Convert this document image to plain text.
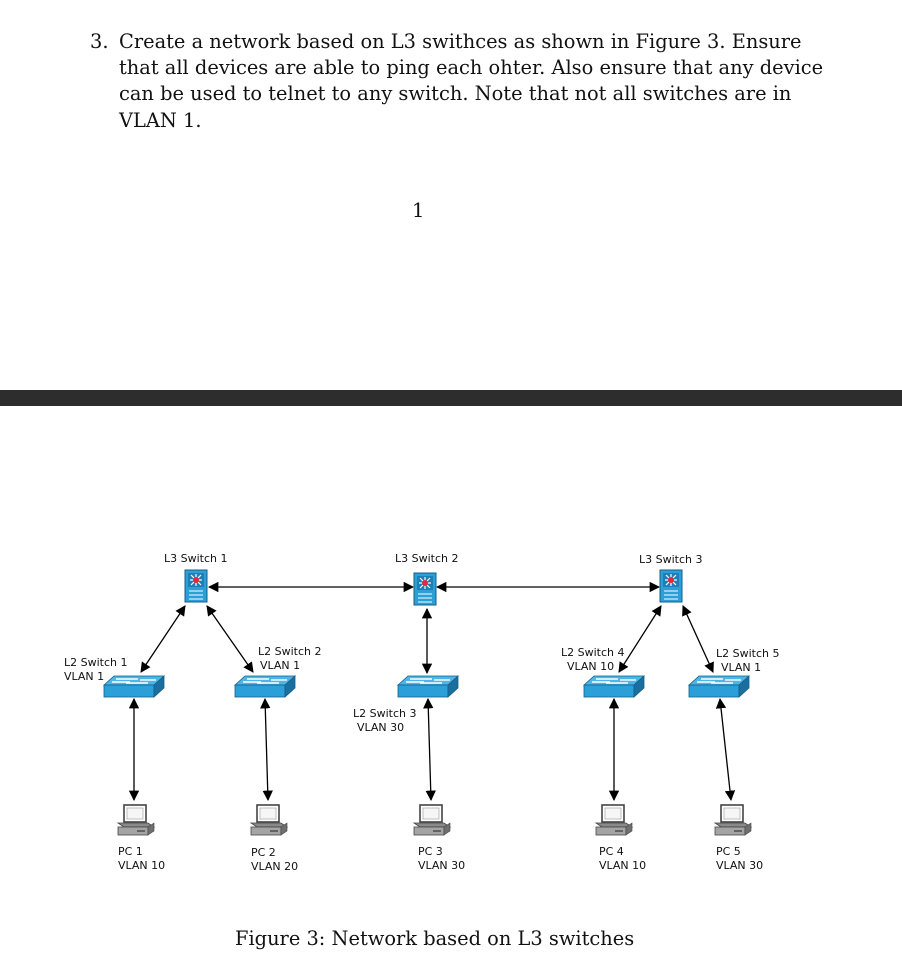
3. Create a network based on L3 swithces as shown in Figure 3. Ensure
that all devices are able to ping each ohter. Also ensure that any device
can be used to telnet to any switch. Note that not all switches are in
VLAN 1.
1
L3 Switch 1	L3 Switch 2	L3 Switch 3
L2 Switch 1
VLAN 1
L2 Switch 2
VLAN 1
L2 Switch 3
VLAN 30
L2 Switch 4
VLAN 10
L2 Switch 5
VLAN 1
PC 1
VLAN 10
PC 2
VLAN 20
PC 3
VLAN 30
PC 4
VLAN 10
PC 5
VLAN 30
Figure 3: Network based on L3 switches
